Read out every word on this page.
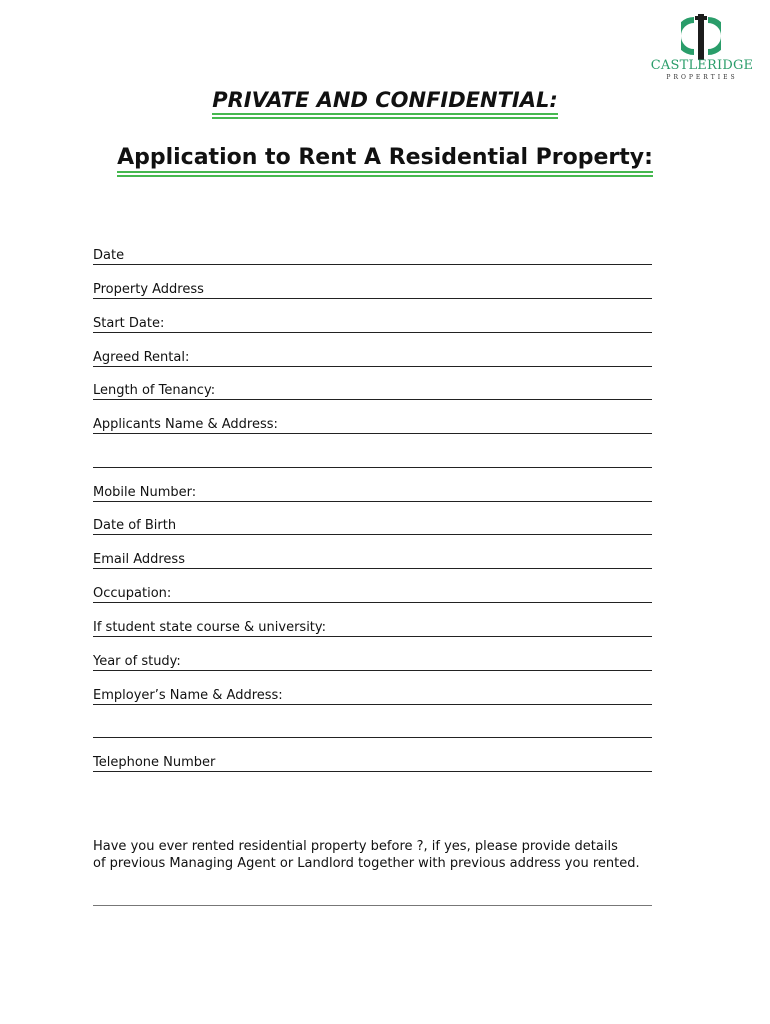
CASTLERIDGE
PROPERTIES
PRIVATE AND CONFIDENTIAL:
Application to Rent A Residential Property:
Date
Property Address
Start Date:
Agreed Rental:
Length of Tenancy:
Applicants Name & Address:
Mobile Number:
Date of Birth
Email Address
Occupation:
If student state course & university:
Year of study:
Employer’s Name & Address:
Telephone Number
Have you ever rented residential property before ?, if yes, please provide details
of previous Managing Agent or Landlord together with previous address you rented.
